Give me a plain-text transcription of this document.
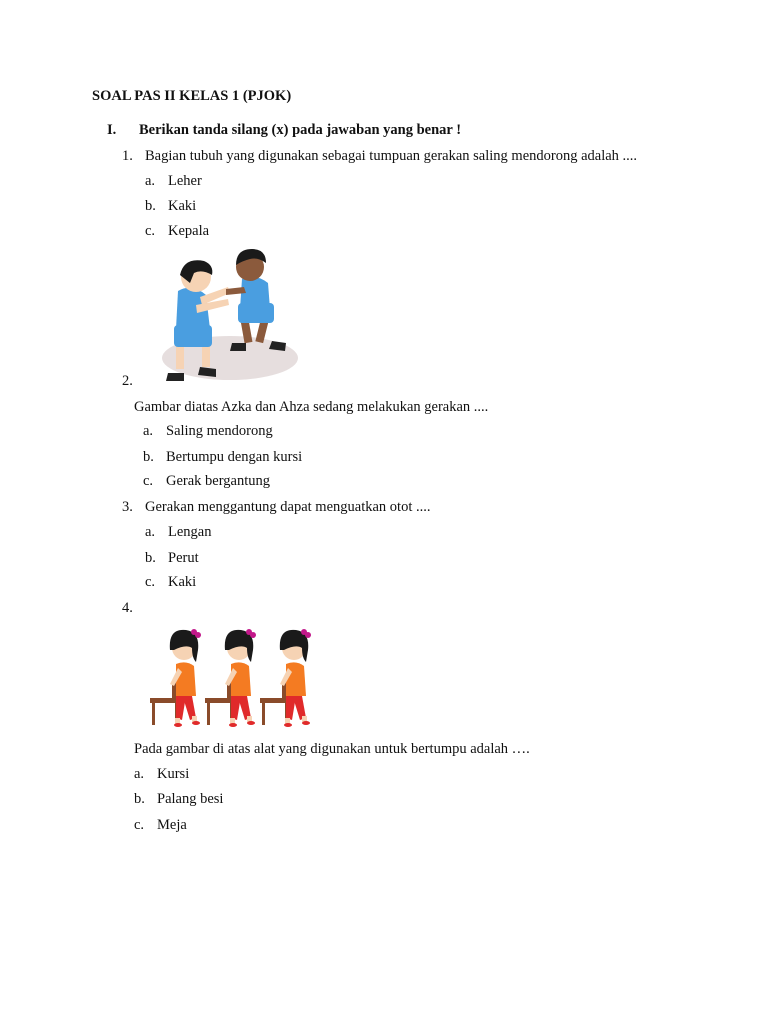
SOAL PAS II KELAS 1 (PJOK)
I. Berikan tanda silang (x) pada jawaban yang benar !
1. Bagian tubuh yang digunakan sebagai tumpuan gerakan saling mendorong adalah ....
a. Leher
b. Kaki
c. Kepala
2.
Gambar diatas Azka dan Ahza sedang melakukan gerakan ....
a. Saling mendorong
b. Bertumpu dengan kursi
c. Gerak bergantung
3. Gerakan menggantung dapat menguatkan otot ....
a. Lengan
b. Perut
c. Kaki
4.
Pada gambar di atas alat yang digunakan untuk bertumpu adalah ….
a. Kursi
b. Palang besi
c. Meja
